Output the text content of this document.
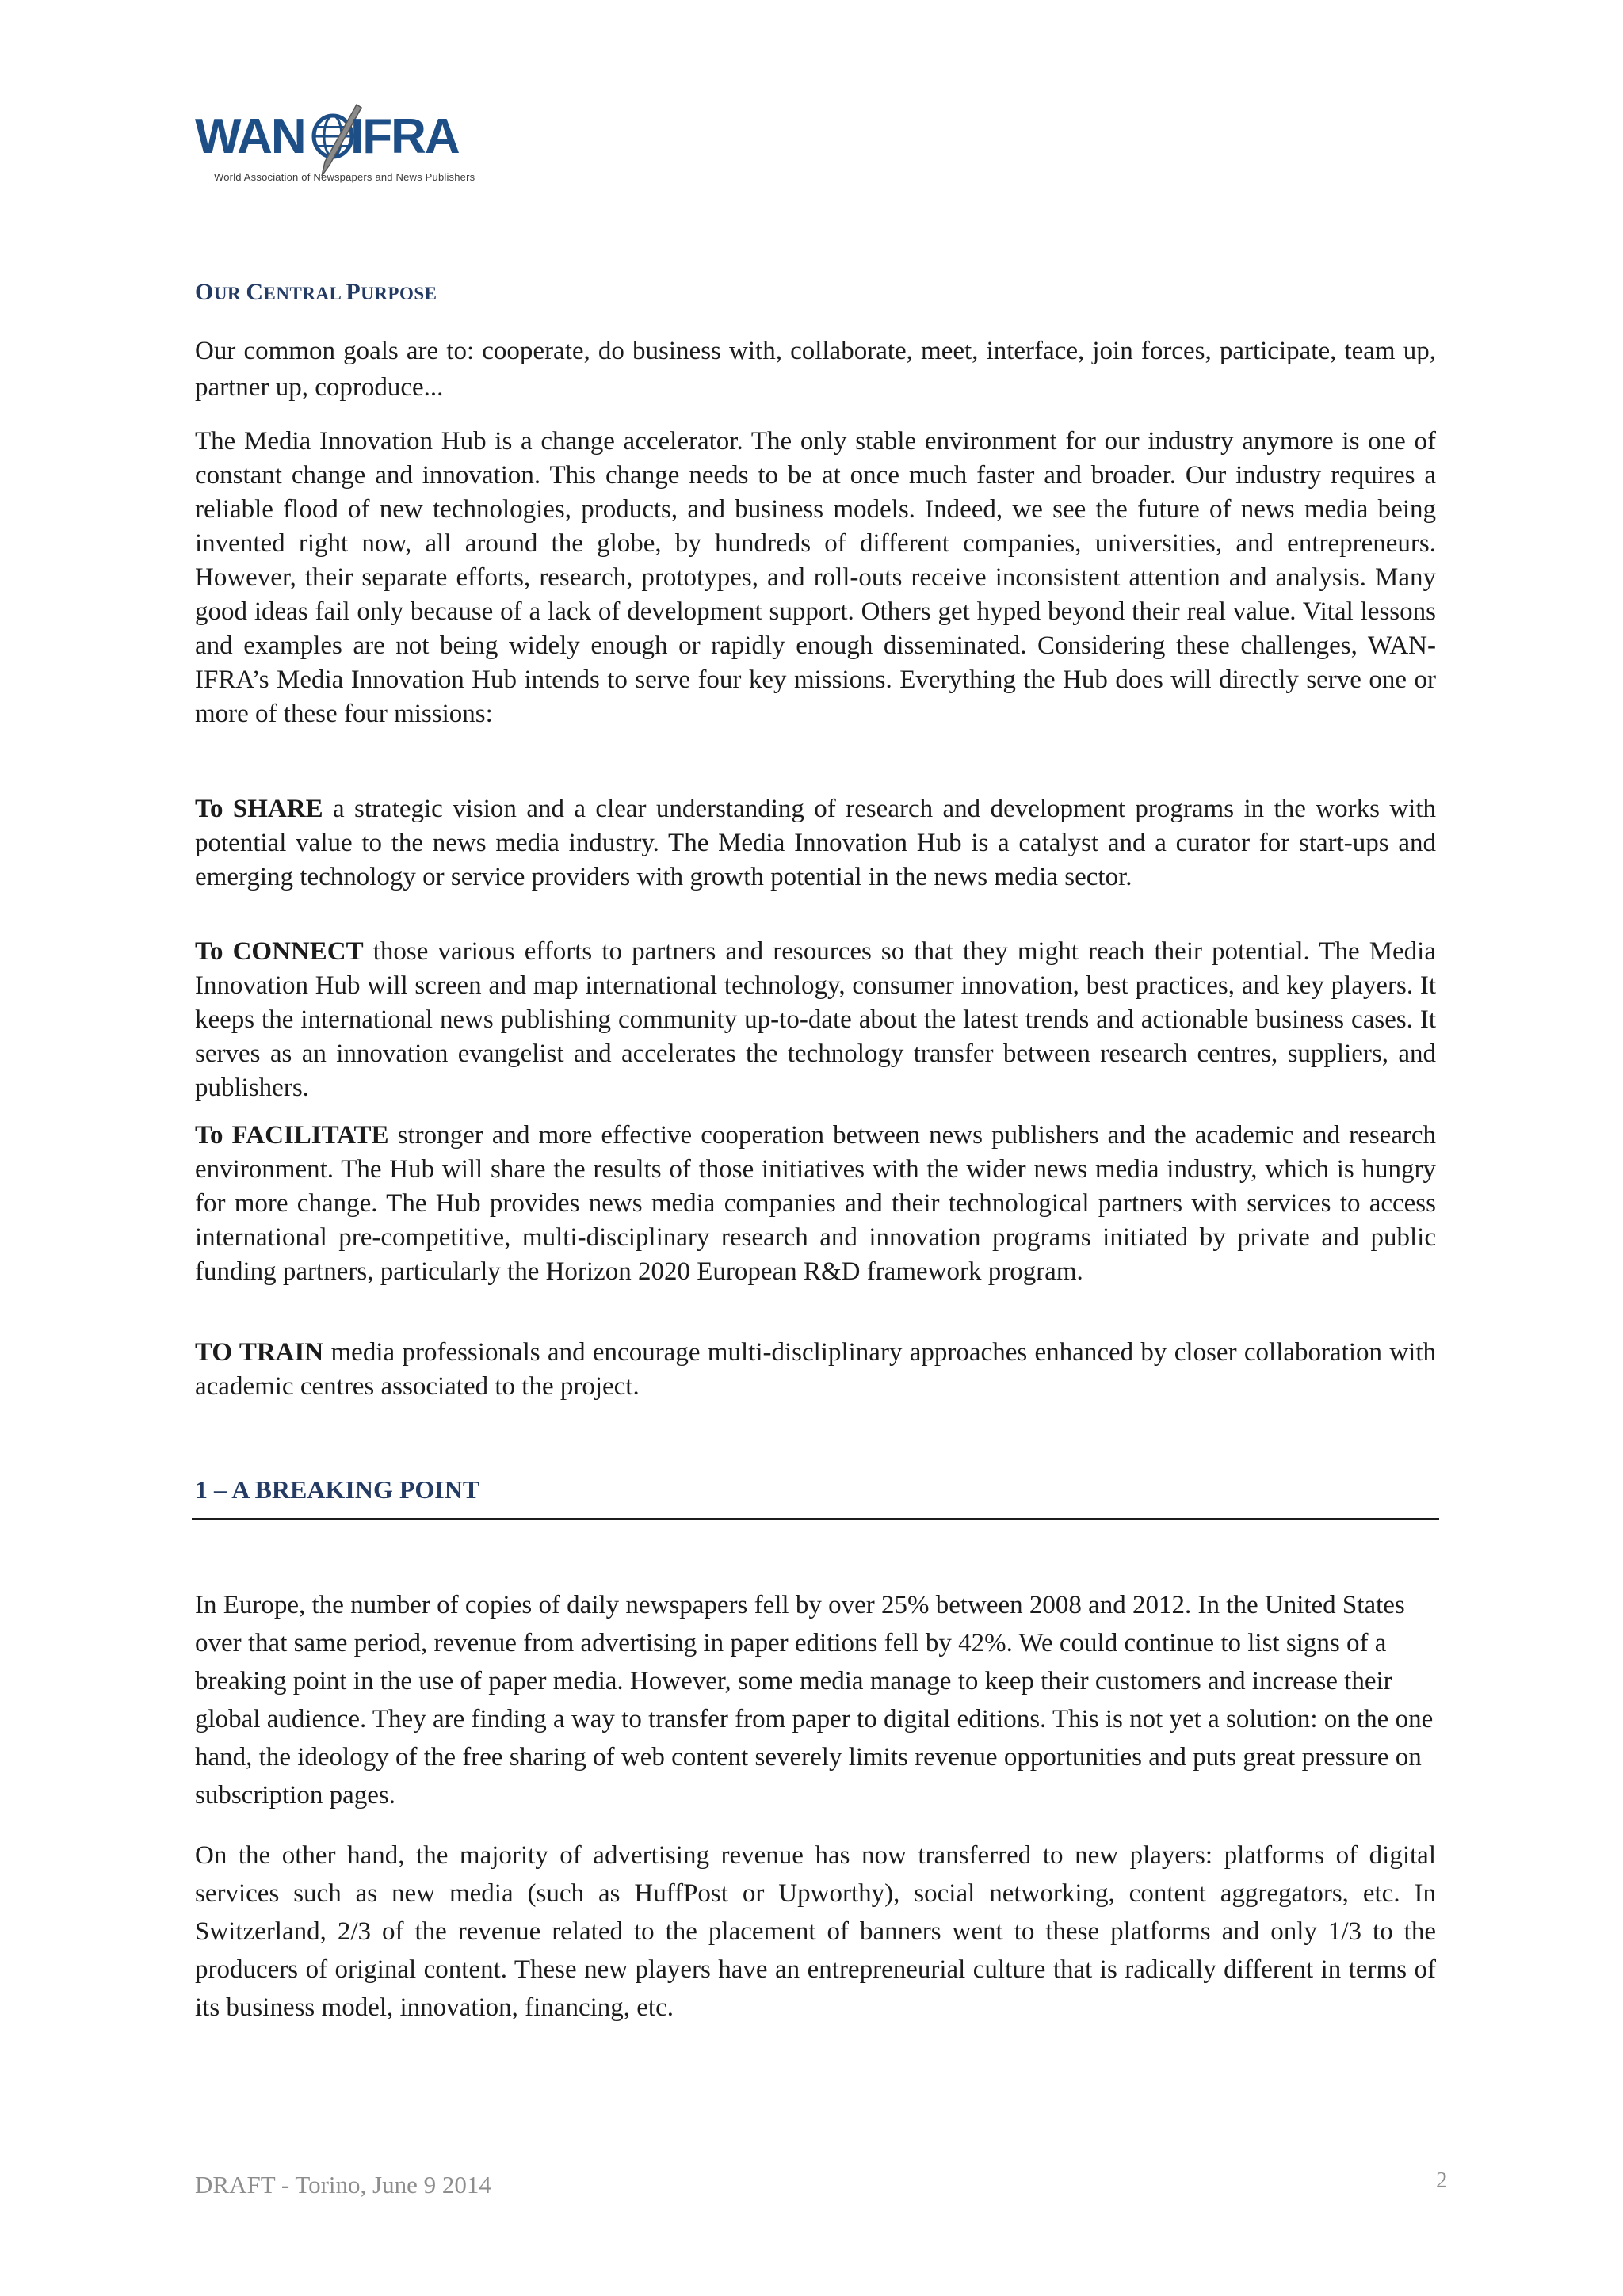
WAN IFRA
World Association of Newspapers and News Publishers
OUR CENTRAL PURPOSE

Our common goals are to: cooperate, do business with, collaborate, meet, interface, join forces, participate, team up, partner up, coproduce...

The Media Innovation Hub is a change accelerator. The only stable environment for our industry anymore is one of constant change and innovation. This change needs to be at once much faster and broader. Our industry requires a reliable flood of new technologies, products, and business models. Indeed, we see the future of news media being invented right now, all around the globe, by hundreds of different companies, universities, and entrepreneurs. However, their separate efforts, research, prototypes, and roll-outs receive inconsistent attention and analysis. Many good ideas fail only because of a lack of development support. Others get hyped beyond their real value. Vital lessons and examples are not being widely enough or rapidly enough disseminated. Considering these challenges, WAN-IFRA’s Media Innovation Hub intends to serve four key missions. Everything the Hub does will directly serve one or more of these four missions:

To SHARE a strategic vision and a clear understanding of research and development programs in the works with potential value to the news media industry. The Media Innovation Hub is a catalyst and a curator for start-ups and emerging technology or service providers with growth potential in the news media sector.

To CONNECT those various efforts to partners and resources so that they might reach their potential. The Media Innovation Hub will screen and map international technology, consumer innovation, best practices, and key players. It keeps the international news publishing community up-to-date about the latest trends and actionable business cases. It serves as an innovation evangelist and accelerates the technology transfer between research centres, suppliers, and publishers.

To FACILITATE stronger and more effective cooperation between news publishers and the academic and research environment. The Hub will share the results of those initiatives with the wider news media industry, which is hungry for more change. The Hub provides news media companies and their technological partners with services to access international pre-competitive, multi-disciplinary research and innovation programs initiated by private and public funding partners, particularly the Horizon 2020 European R&D framework program.

TO TRAIN media professionals and encourage multi-discliplinary approaches enhanced by closer collaboration with academic centres associated to the project.

1 – A BREAKING POINT

In Europe, the number of copies of daily newspapers fell by over 25% between 2008 and 2012. In the United States over that same period, revenue from advertising in paper editions fell by 42%. We could continue to list signs of a breaking point in the use of paper media. However, some media manage to keep their customers and increase their global audience. They are finding a way to transfer from paper to digital editions. This is not yet a solution: on the one hand, the ideology of the free sharing of web content severely limits revenue opportunities and puts great pressure on subscription pages.

On the other hand, the majority of advertising revenue has now transferred to new players: platforms of digital services such as new media (such as HuffPost or Upworthy), social networking, content aggregators, etc. In Switzerland, 2/3 of the revenue related to the placement of banners went to these platforms and only 1/3 to the producers of original content. These new players have an entrepreneurial culture that is radically different in terms of its business model, innovation, financing, etc.

DRAFT - Torino, June 9 2014	2
